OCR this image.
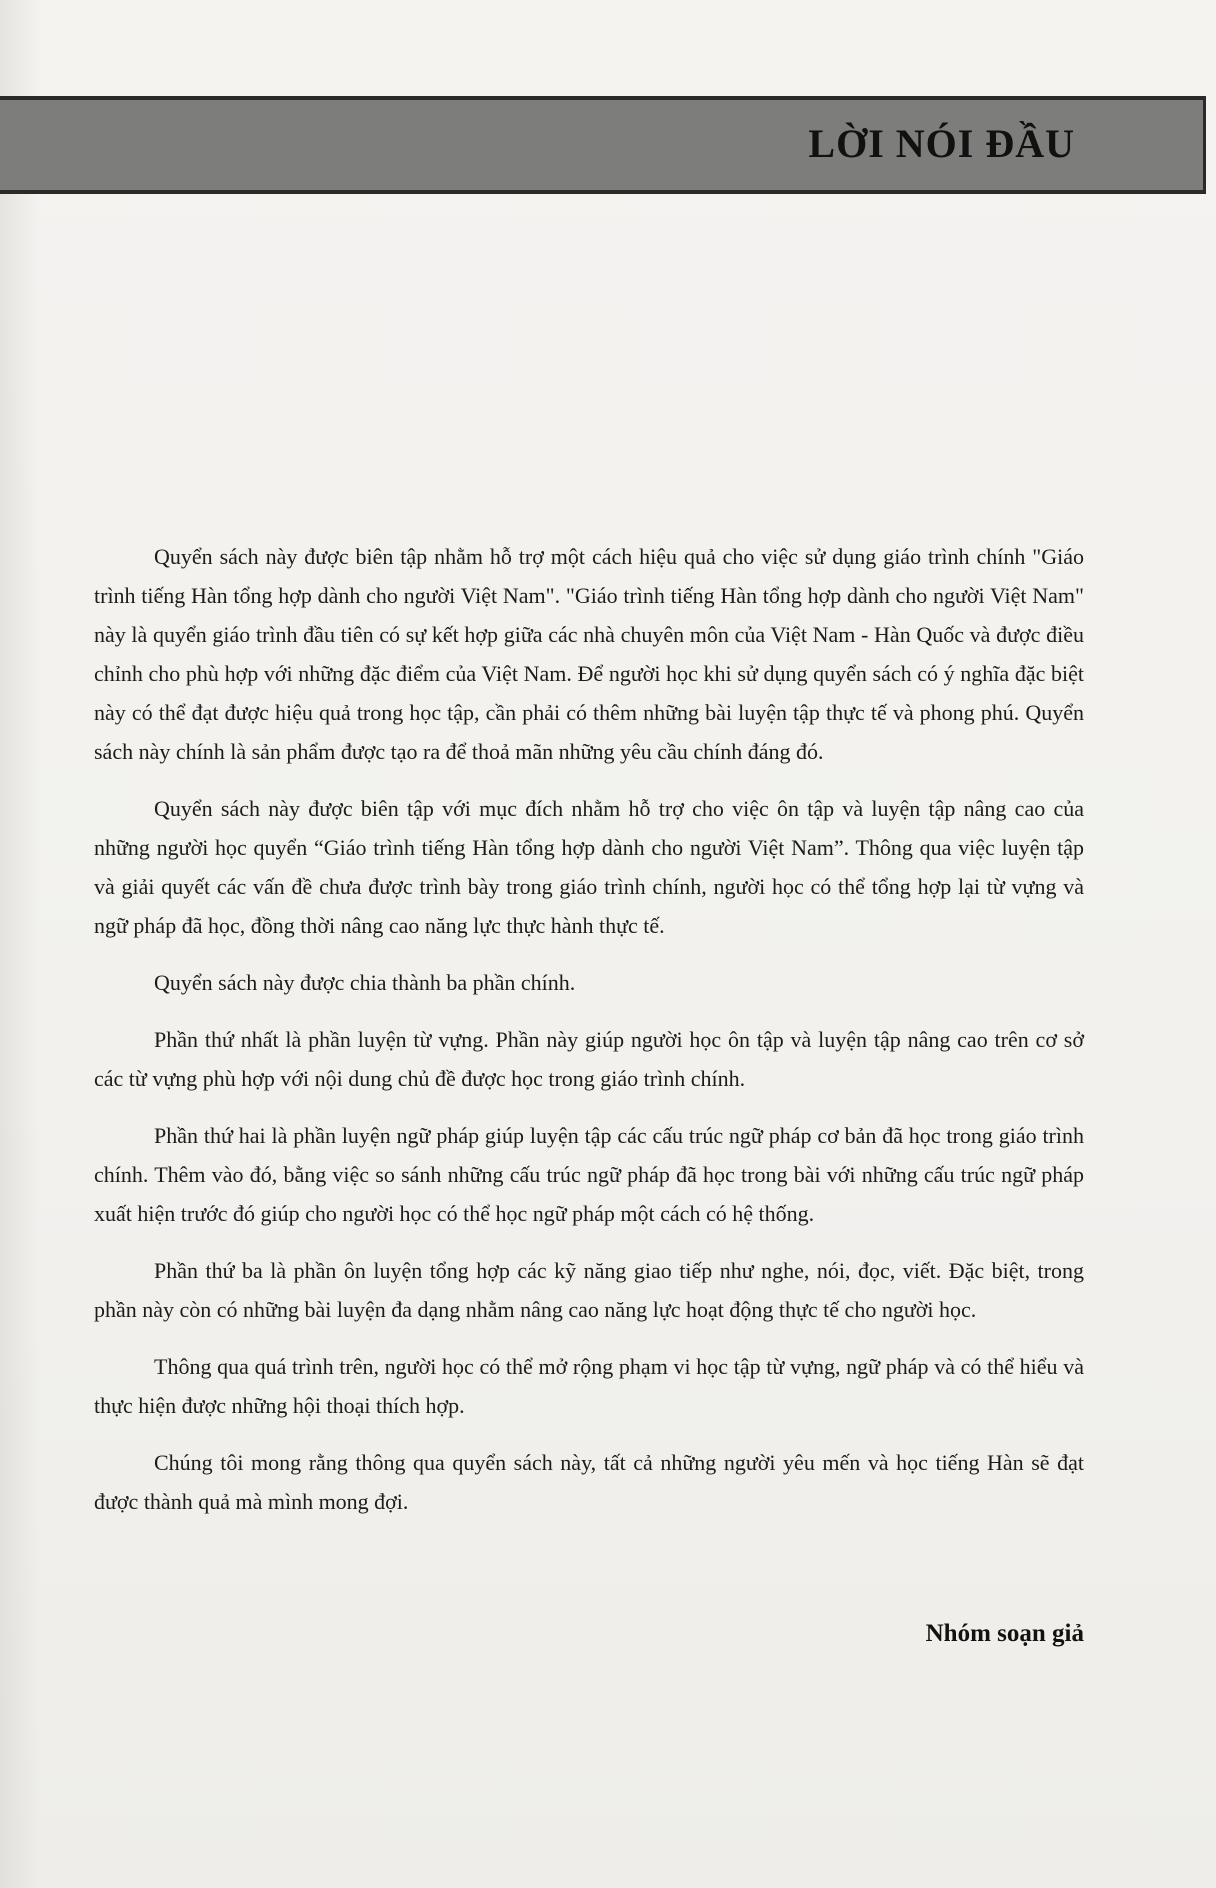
LỜI NÓI ĐẦU

Quyển sách này được biên tập nhằm hỗ trợ một cách hiệu quả cho việc sử dụng giáo trình chính "Giáo trình tiếng Hàn tổng hợp dành cho người Việt Nam". "Giáo trình tiếng Hàn tổng hợp dành cho người Việt Nam" này là quyển giáo trình đầu tiên có sự kết hợp giữa các nhà chuyên môn của Việt Nam - Hàn Quốc và được điều chỉnh cho phù hợp với những đặc điểm của Việt Nam. Để người học khi sử dụng quyển sách có ý nghĩa đặc biệt này có thể đạt được hiệu quả trong học tập, cần phải có thêm những bài luyện tập thực tế và phong phú. Quyển sách này chính là sản phẩm được tạo ra để thoả mãn những yêu cầu chính đáng đó.

Quyển sách này được biên tập với mục đích nhằm hỗ trợ cho việc ôn tập và luyện tập nâng cao của những người học quyển “Giáo trình tiếng Hàn tổng hợp dành cho người Việt Nam”. Thông qua việc luyện tập và giải quyết các vấn đề chưa được trình bày trong giáo trình chính, người học có thể tổng hợp lại từ vựng và ngữ pháp đã học, đồng thời nâng cao năng lực thực hành thực tế.

Quyển sách này được chia thành ba phần chính.

Phần thứ nhất là phần luyện từ vựng. Phần này giúp người học ôn tập và luyện tập nâng cao trên cơ sở các từ vựng phù hợp với nội dung chủ đề được học trong giáo trình chính.

Phần thứ hai là phần luyện ngữ pháp giúp luyện tập các cấu trúc ngữ pháp cơ bản đã học trong giáo trình chính. Thêm vào đó, bằng việc so sánh những cấu trúc ngữ pháp đã học trong bài với những cấu trúc ngữ pháp xuất hiện trước đó giúp cho người học có thể học ngữ pháp một cách có hệ thống.

Phần thứ ba là phần ôn luyện tổng hợp các kỹ năng giao tiếp như nghe, nói, đọc, viết. Đặc biệt, trong phần này còn có những bài luyện đa dạng nhằm nâng cao năng lực hoạt động thực tế cho người học.

Thông qua quá trình trên, người học có thể mở rộng phạm vi học tập từ vựng, ngữ pháp và có thể hiểu và thực hiện được những hội thoại thích hợp.

Chúng tôi mong rằng thông qua quyển sách này, tất cả những người yêu mến và học tiếng Hàn sẽ đạt được thành quả mà mình mong đợi.

Nhóm soạn giả
